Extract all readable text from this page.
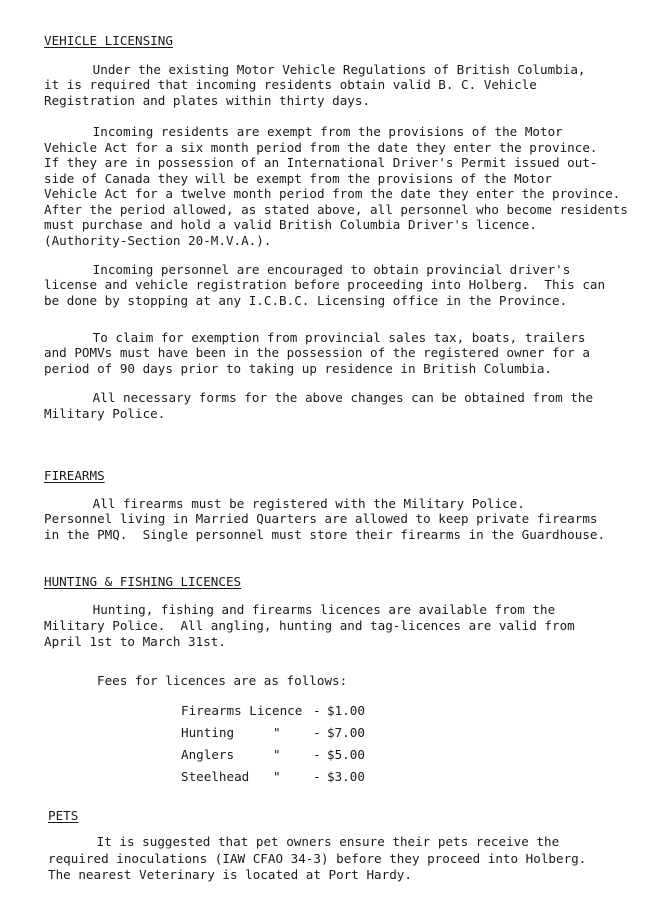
VEHICLE LICENSING
Under the existing Motor Vehicle Regulations of British Columbia,
it is required that incoming residents obtain valid B. C. Vehicle
Registration and plates within thirty days.
Incoming residents are exempt from the provisions of the Motor
Vehicle Act for a six month period from the date they enter the province.
If they are in possession of an International Driver's Permit issued out-
side of Canada they will be exempt from the provisions of the Motor
Vehicle Act for a twelve month period from the date they enter the province.
After the period allowed, as stated above, all personnel who become residents
must purchase and hold a valid British Columbia Driver's licence.
(Authority-Section 20-M.V.A.).
Incoming personnel are encouraged to obtain provincial driver's
license and vehicle registration before proceeding into Holberg.  This can
be done by stopping at any I.C.B.C. Licensing office in the Province.
To claim for exemption from provincial sales tax, boats, trailers
and POMVs must have been in the possession of the registered owner for a
period of 90 days prior to taking up residence in British Columbia.
All necessary forms for the above changes can be obtained from the
Military Police.
FIREARMS
All firearms must be registered with the Military Police.
Personnel living in Married Quarters are allowed to keep private firearms
in the PMQ.  Single personnel must store their firearms in the Guardhouse.
HUNTING & FISHING LICENCES
Hunting, fishing and firearms licences are available from the
Military Police.  All angling, hunting and tag-licences are valid from
April 1st to March 31st.
Fees for licences are as follows:
Firearms Licence - $1.00
Hunting	"	- $7.00
Anglers	"	- $5.00
Steelhead "	- $3.00
PETS
It is suggested that pet owners ensure their pets receive the
required inoculations (IAW CFAO 34-3) before they proceed into Holberg.
The nearest Veterinary is located at Port Hardy.
